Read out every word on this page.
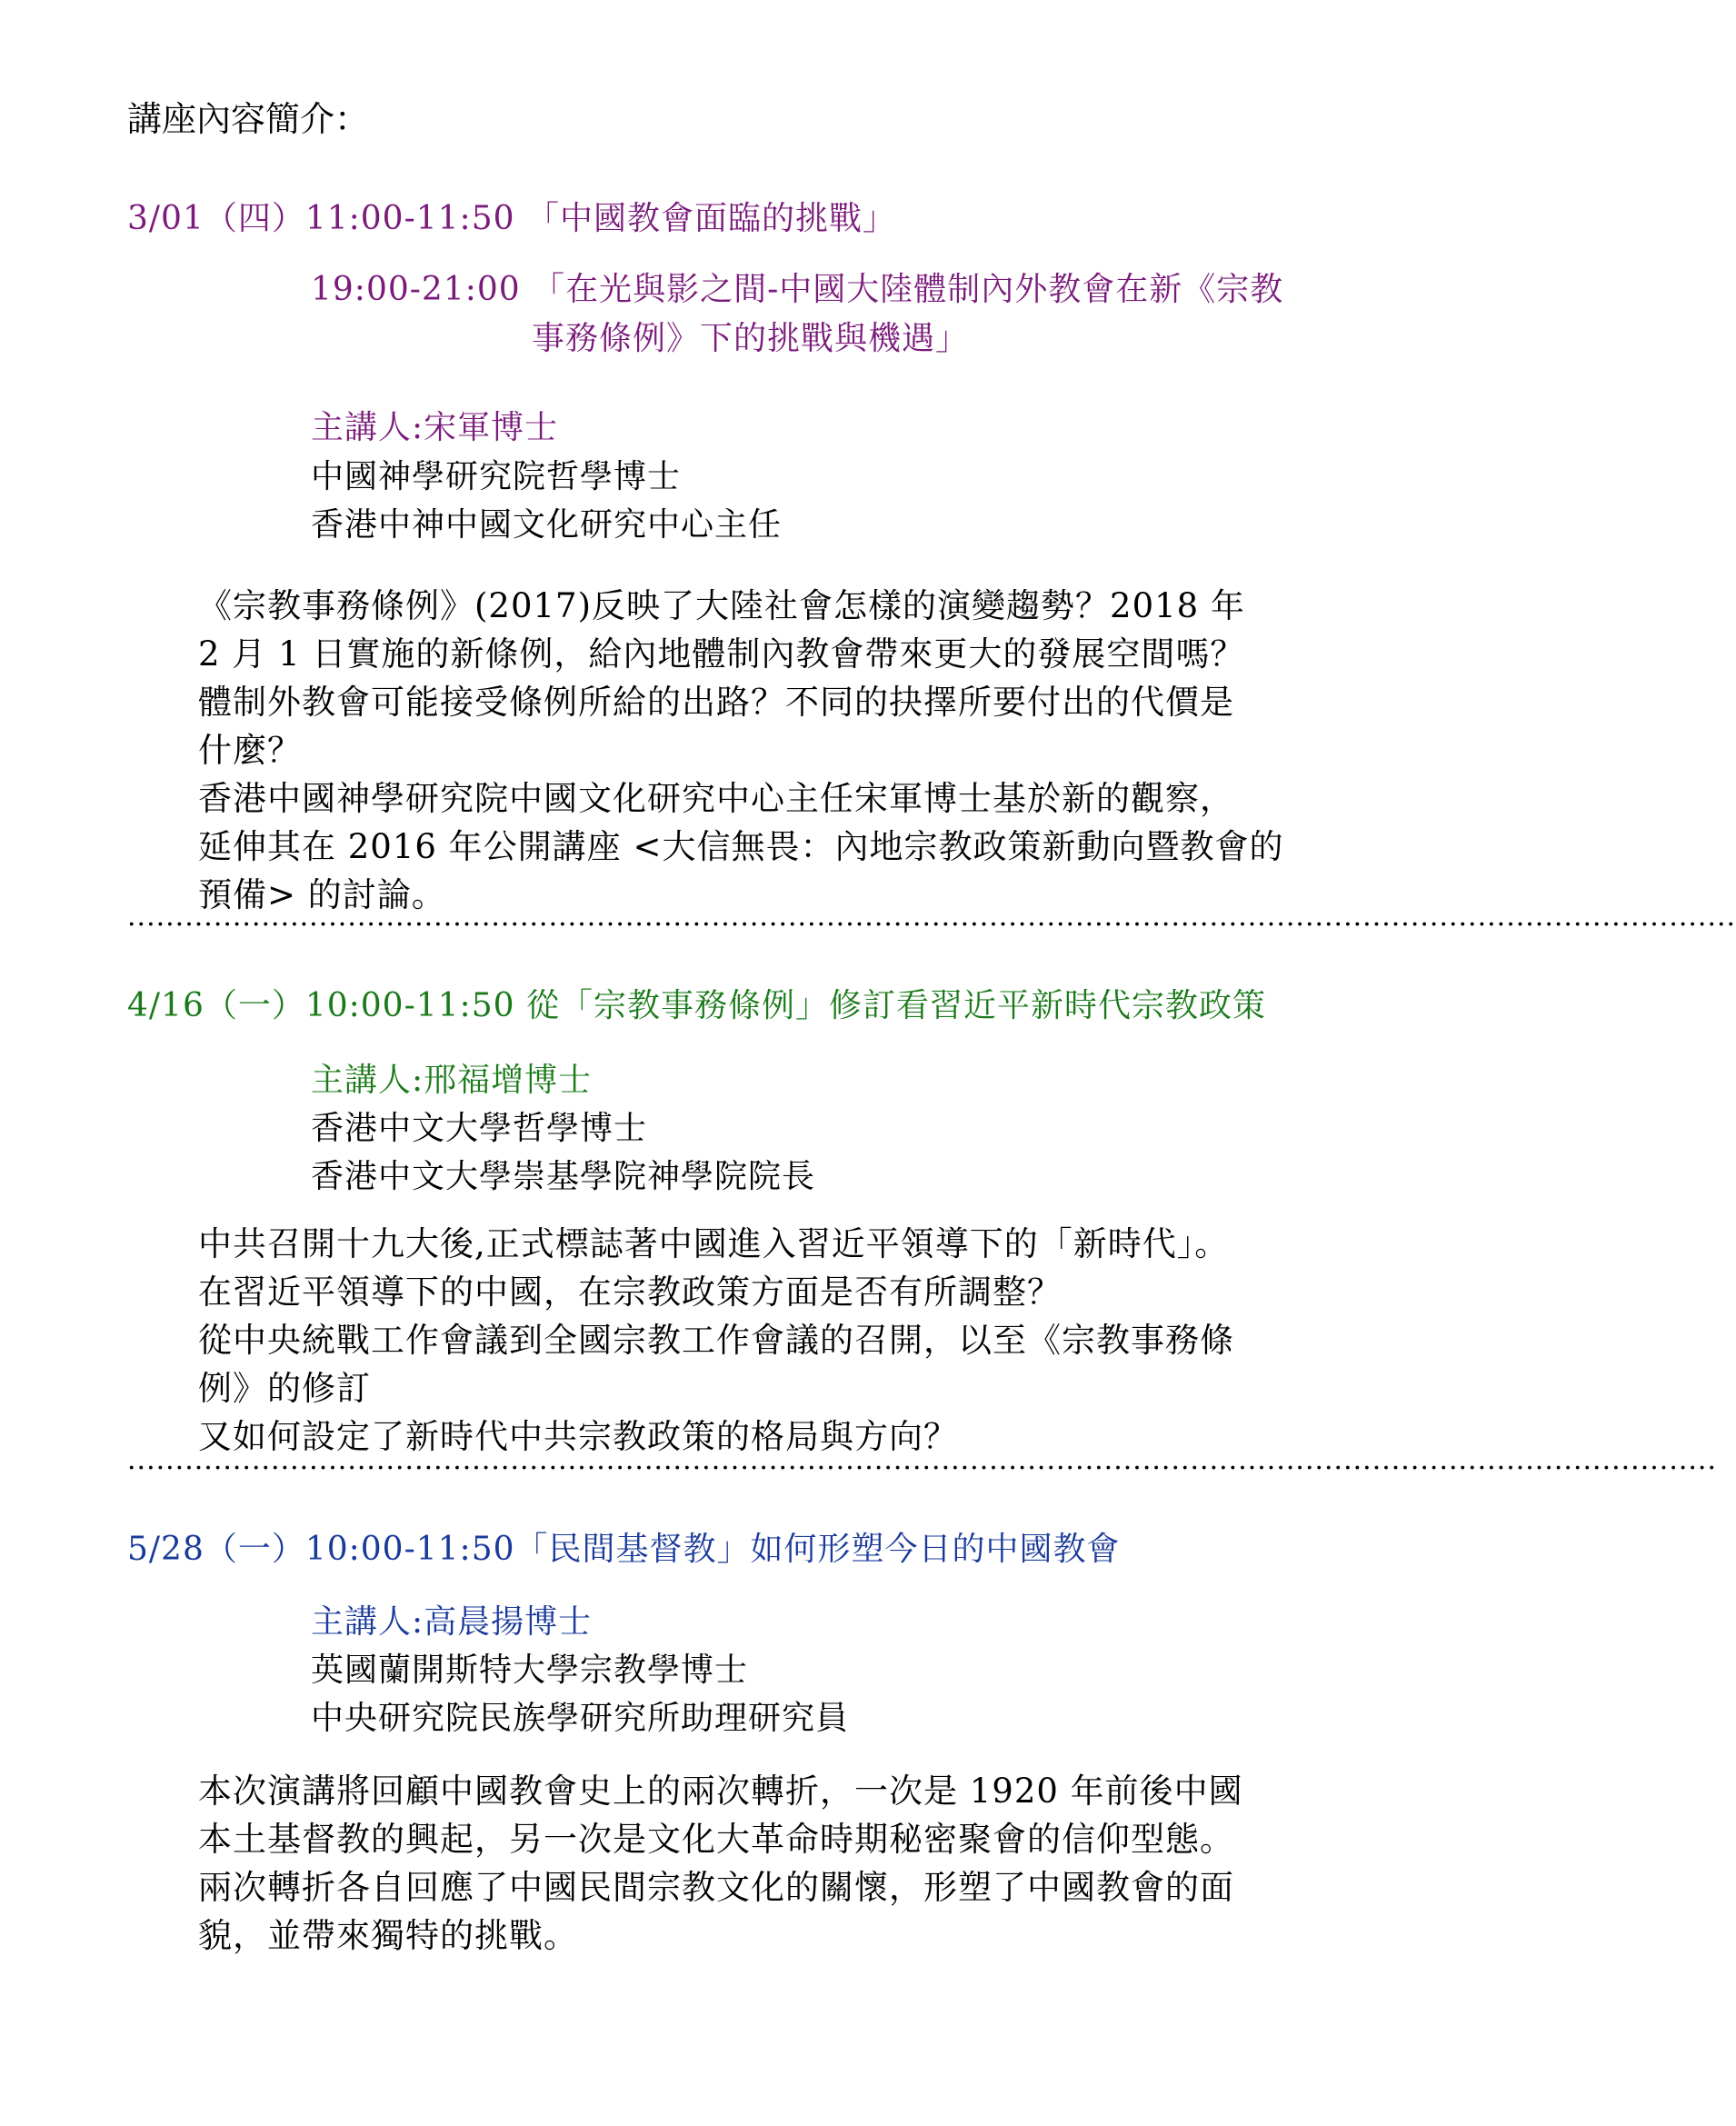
講座內容簡介：
3/01（四）11:00-11:50 「中國教會面臨的挑戰」
19:00-21:00 「在光與影之間-中國大陸體制內外教會在新《宗教
事務條例》下的挑戰與機遇」
主講人:宋軍博士
中國神學研究院哲學博士
香港中神中國文化研究中心主任
《宗教事務條例》(2017)反映了大陸社會怎樣的演變趨勢？2018 年
2 月 1 日實施的新條例，給內地體制內教會帶來更大的發展空間嗎？
體制外教會可能接受條例所給的出路？不同的抉擇所要付出的代價是
什麼？
香港中國神學研究院中國文化研究中心主任宋軍博士基於新的觀察，
延伸其在 2016 年公開講座 <大信無畏：內地宗教政策新動向暨教會的
預備> 的討論。
········································································································································································
4/16（一）10:00-11:50 從「宗教事務條例」修訂看習近平新時代宗教政策
主講人:邢福增博士
香港中文大學哲學博士
香港中文大學崇基學院神學院院長
中共召開十九大後,正式標誌著中國進入習近平領導下的「新時代」。
在習近平領導下的中國，在宗教政策方面是否有所調整？
從中央統戰工作會議到全國宗教工作會議的召開，以至《宗教事務條
例》的修訂
又如何設定了新時代中共宗教政策的格局與方向？
······································································································································································
5/28（一）10:00-11:50「民間基督教」如何形塑今日的中國教會
主講人:高晨揚博士
英國蘭開斯特大學宗教學博士
中央研究院民族學研究所助理研究員
本次演講將回顧中國教會史上的兩次轉折，一次是 1920 年前後中國
本土基督教的興起，另一次是文化大革命時期秘密聚會的信仰型態。
兩次轉折各自回應了中國民間宗教文化的關懷，形塑了中國教會的面
貌，並帶來獨特的挑戰。
